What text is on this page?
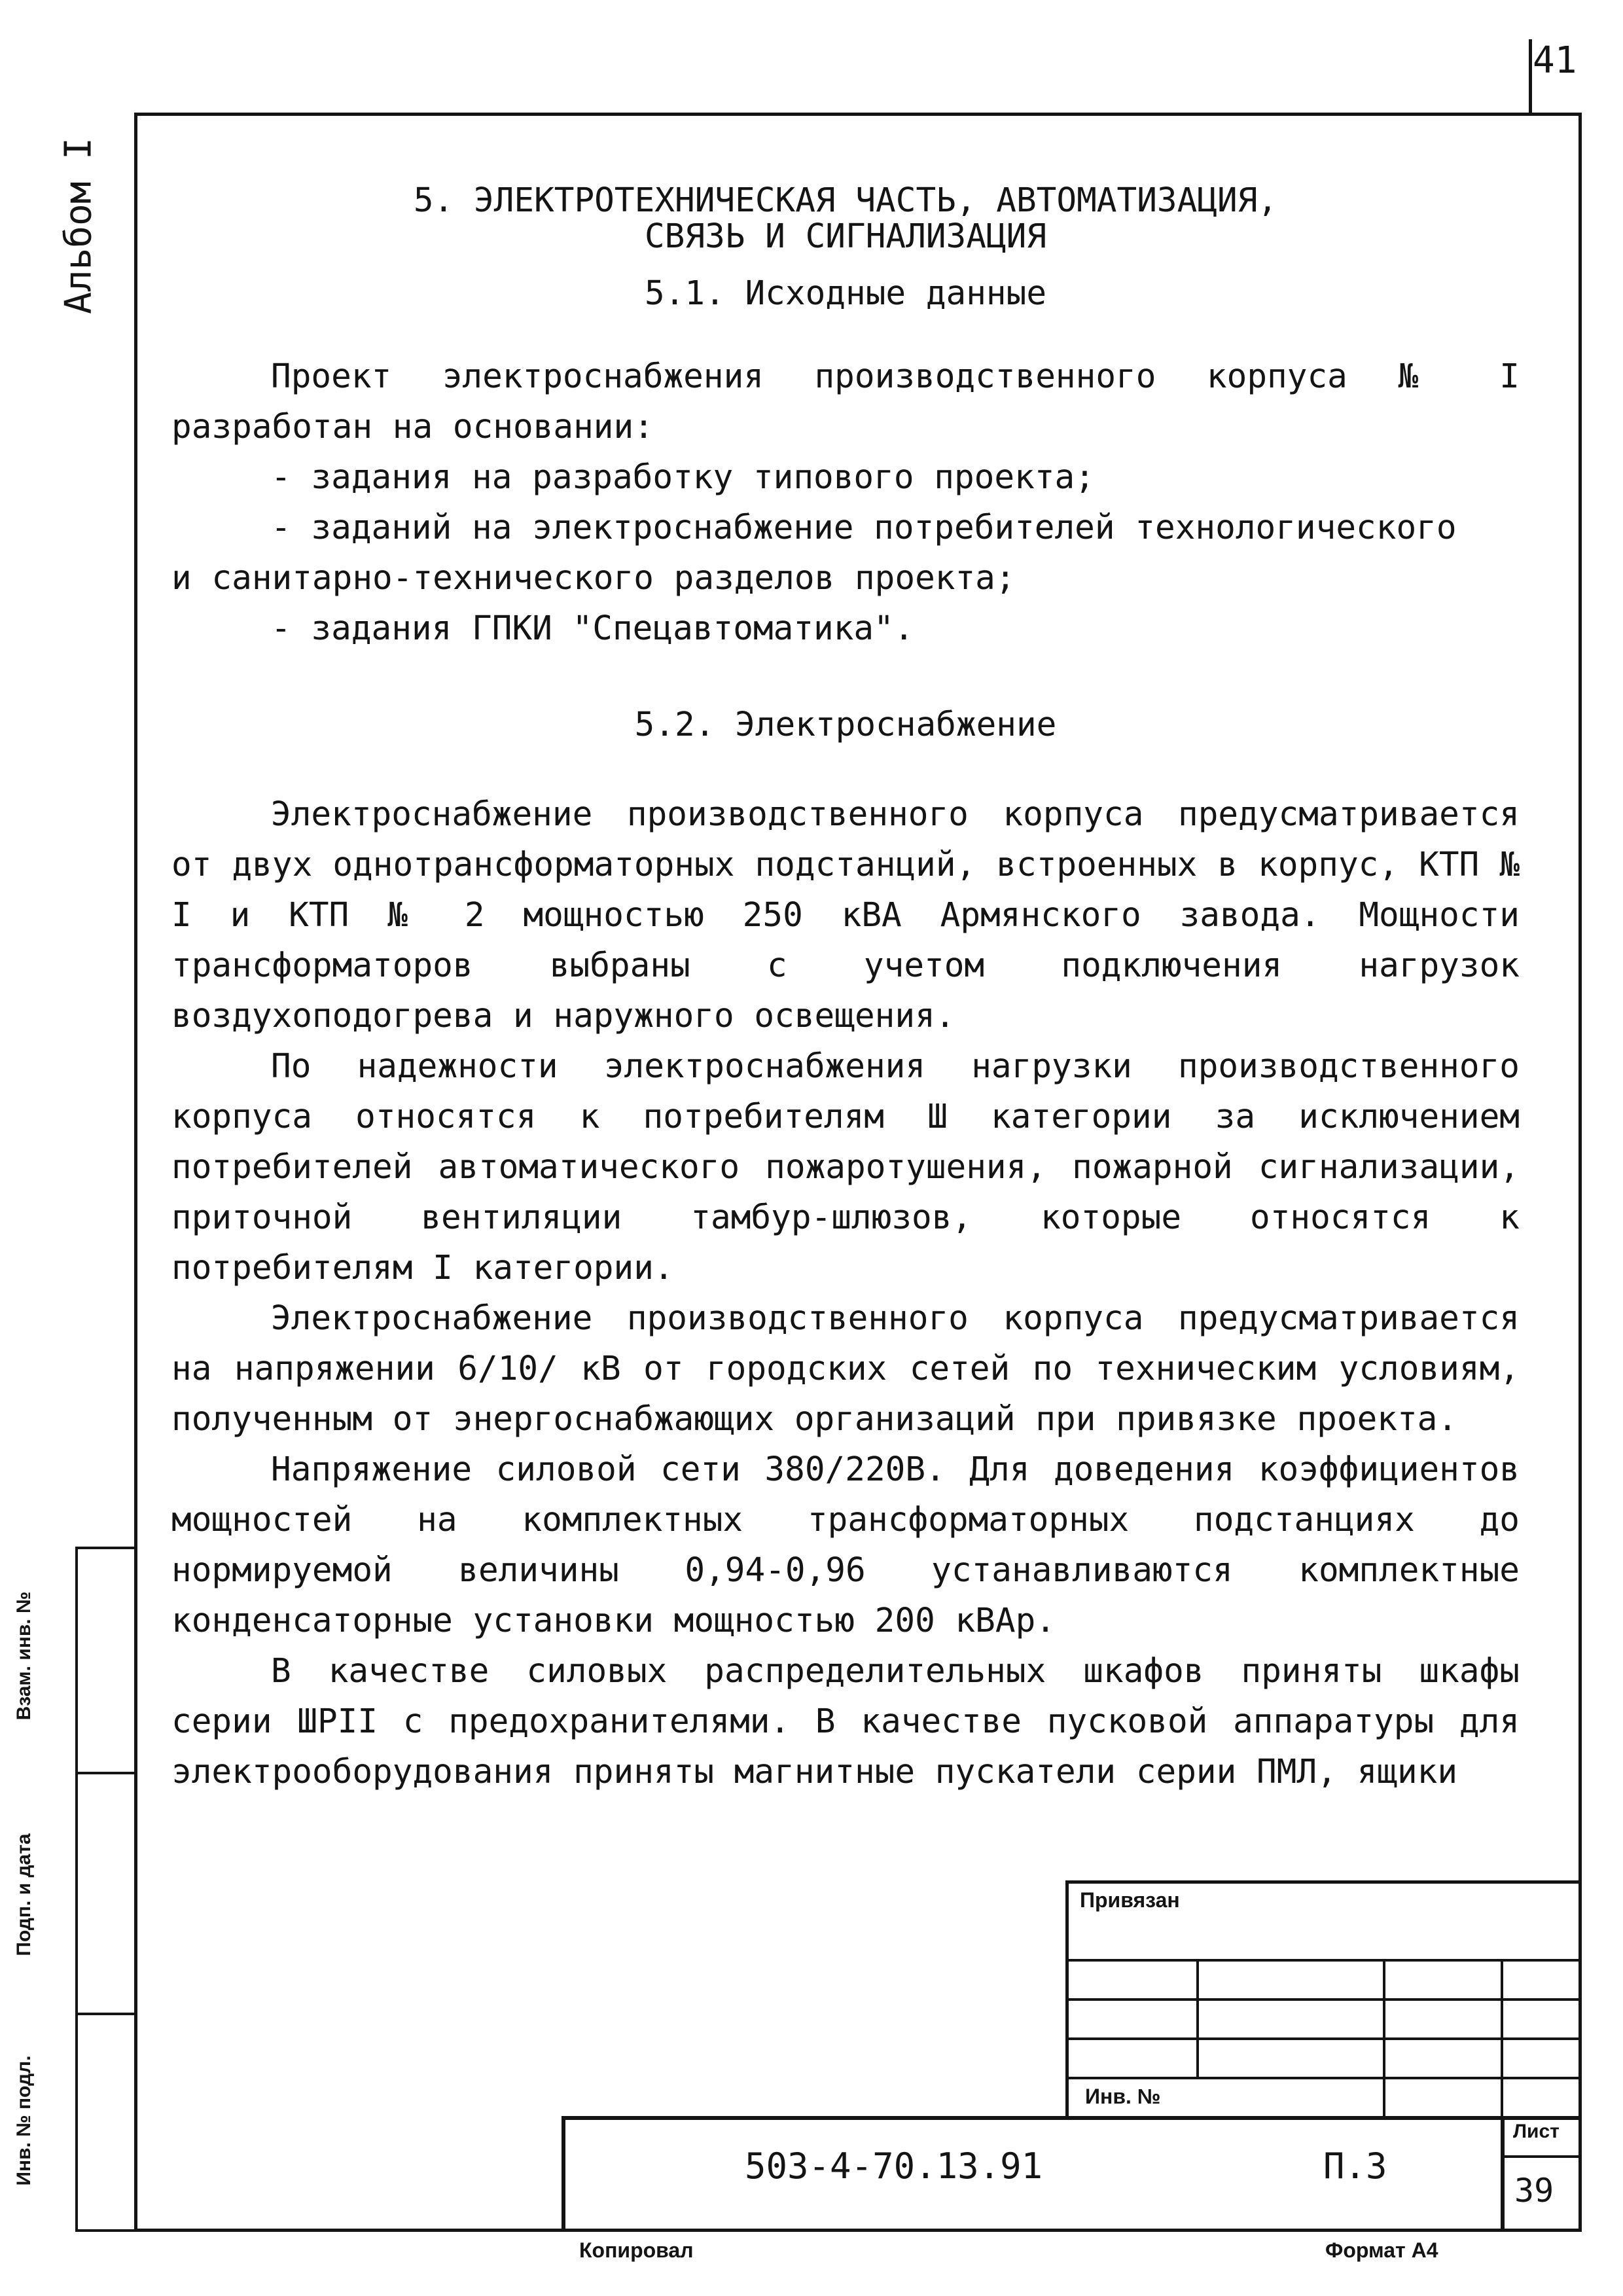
41
Альбом I
Взам. инв. №
Подп. и дата
Инв. № подл.

5. ЭЛЕКТРОТЕХНИЧЕСКАЯ ЧАСТЬ, АВТОМАТИЗАЦИЯ,

СВЯЗЬ И СИГНАЛИЗАЦИЯ

5.1. Исходные данные

Проект электроснабжения производственного корпуса № I разработан на основании:

- задания на разработку типового проекта;

- заданий на электроснабжение потребителей технологического

и санитарно-технического разделов проекта;

- задания ГПКИ "Спецавтоматика".

5.2. Электроснабжение

Электроснабжение производственного корпуса предусматривается от двух однотрансформаторных подстанций, встроенных в корпус, КТП № I и КТП № 2 мощностью 250 кВА Армянского завода. Мощности трансформаторов выбраны с учетом подключения нагрузок воздухоподогрева и наружного освещения.

По надежности электроснабжения нагрузки производственного корпуса относятся к потребителям Ш категории за исключением потребителей автоматического пожаротушения, пожарной сигнализации, приточной вентиляции тамбур-шлюзов, которые относятся к потребителям I категории.

Электроснабжение производственного корпуса предусматривается на напряжении 6/10/ кВ от городских сетей по техническим условиям, полученным от энергоснабжающих организаций при привязке проекта.

Напряжение силовой сети 380/220В. Для доведения коэффициентов мощностей на комплектных трансформаторных подстанциях до нормируемой величины 0,94-0,96 устанавливаются комплектные конденсаторные установки мощностью 200 кВАр.

В качестве силовых распределительных шкафов приняты шкафы серии ШРII с предохранителями. В качестве пусковой аппаратуры для электрооборудования приняты магнитные пускатели серии ПМЛ, ящики

Привязан
Инв. №
Лист
503-4-70.13.91	П.3
39
Копировал	Формат А4
